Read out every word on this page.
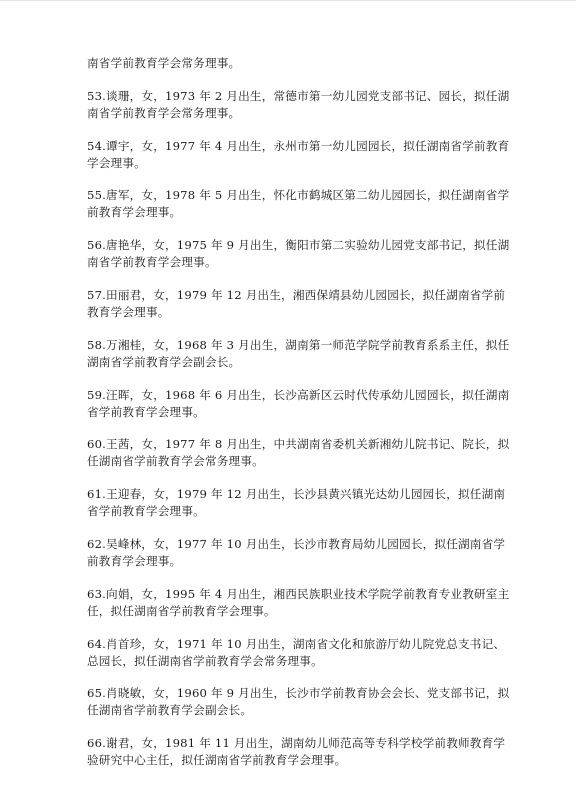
南省学前教育学会常务理事。
53.谈珊，女，1973 年 2 月出生，常德市第一幼儿园党支部书记、园长，拟任湖
南省学前教育学会常务理事。
54.谭宇，女，1977 年 4 月出生，永州市第一幼儿园园长，拟任湖南省学前教育
学会理事。
55.唐军，女，1978 年 5 月出生，怀化市鹤城区第二幼儿园园长，拟任湖南省学
前教育学会理事。
56.唐艳华，女，1975 年 9 月出生，衡阳市第二实验幼儿园党支部书记，拟任湖
南省学前教育学会理事。
57.田丽君，女，1979 年 12 月出生，湘西保靖县幼儿园园长，拟任湖南省学前
教育学会理事。
58.万湘桂，女，1968 年 3 月出生，湖南第一师范学院学前教育系系主任，拟任
湖南省学前教育学会副会长。
59.汪晖，女，1968 年 6 月出生，长沙高新区云时代传承幼儿园园长，拟任湖南
省学前教育学会理事。
60.王茜，女，1977 年 8 月出生，中共湖南省委机关新湘幼儿院书记、院长，拟
任湖南省学前教育学会常务理事。
61.王迎春，女，1979 年 12 月出生，长沙县黄兴镇光达幼儿园园长，拟任湖南
省学前教育学会理事。
62.吴峰林，女，1977 年 10 月出生，长沙市教育局幼儿园园长，拟任湖南省学
前教育学会理事。
63.向娟，女，1995 年 4 月出生，湘西民族职业技术学院学前教育专业教研室主
任，拟任湖南省学前教育学会理事。
64.肖首珍，女，1971 年 10 月出生，湖南省文化和旅游厅幼儿院党总支书记、
总园长，拟任湖南省学前教育学会常务理事。
65.肖晓敏，女，1960 年 9 月出生，长沙市学前教育协会会长、党支部书记，拟
任湖南省学前教育学会副会长。
66.谢君，女，1981 年 11 月出生，湖南幼儿师范高等专科学校学前教师教育学
验研究中心主任，拟任湖南省学前教育学会理事。
